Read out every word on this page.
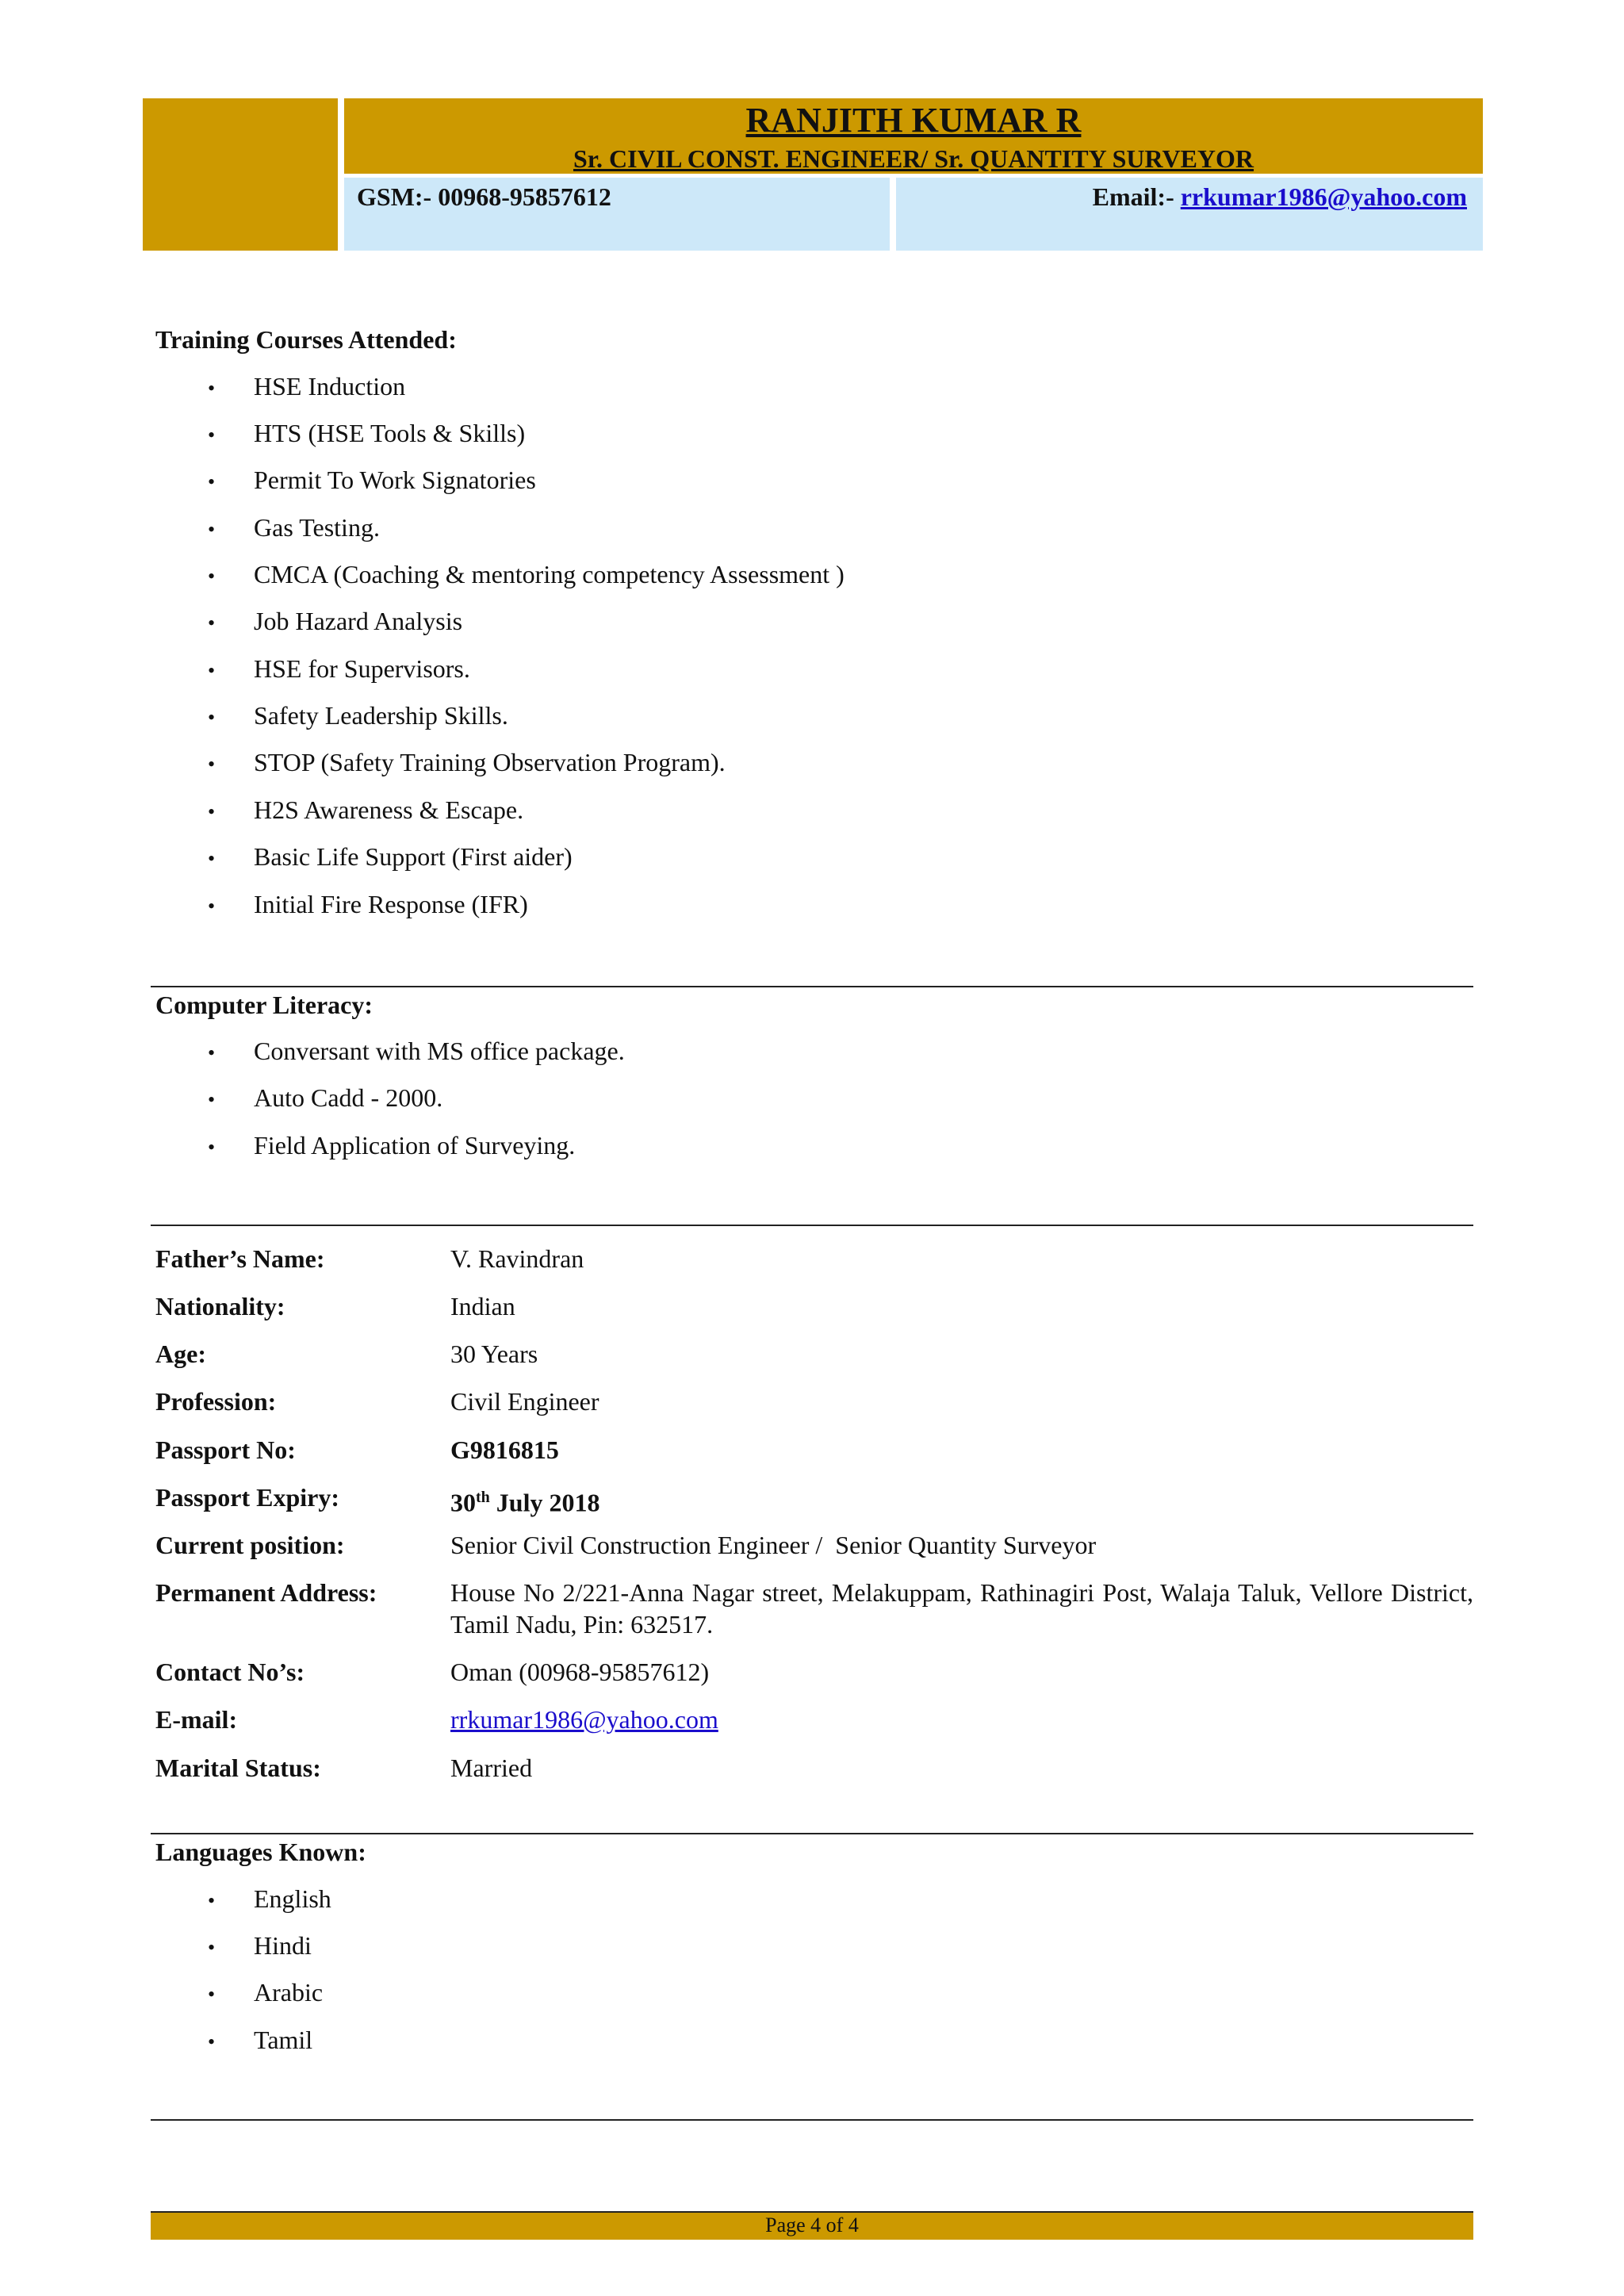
RANJITH KUMAR R
Sr. CIVIL CONST. ENGINEER/ Sr. QUANTITY SURVEYOR
GSM:- 00968-95857612	Email:- rrkumar1986@yahoo.com
Training Courses Attended:
• HSE Induction
• HTS (HSE Tools & Skills)
• Permit To Work Signatories
• Gas Testing.
• CMCA (Coaching & mentoring competency Assessment )
• Job Hazard Analysis
• HSE for Supervisors.
• Safety Leadership Skills.
• STOP (Safety Training Observation Program).
• H2S Awareness & Escape.
• Basic Life Support (First aider)
• Initial Fire Response (IFR)
Computer Literacy:
• Conversant with MS office package.
• Auto Cadd - 2000.
• Field Application of Surveying.
Father’s Name:	V. Ravindran
Nationality:	Indian
Age:	30 Years
Profession:	Civil Engineer
Passport No:	G9816815
Passport Expiry:	30th July 2018
Current position:	Senior Civil Construction Engineer /  Senior Quantity Surveyor
Permanent Address:	House No 2/221-Anna Nagar street, Melakuppam, Rathinagiri Post, Walaja Taluk, Vellore District, Tamil Nadu, Pin: 632517.
Contact No’s:	Oman (00968-95857612)
E-mail:	rrkumar1986@yahoo.com
Marital Status:	Married
Languages Known:
• English
• Hindi
• Arabic
• Tamil
Page 4 of 4
